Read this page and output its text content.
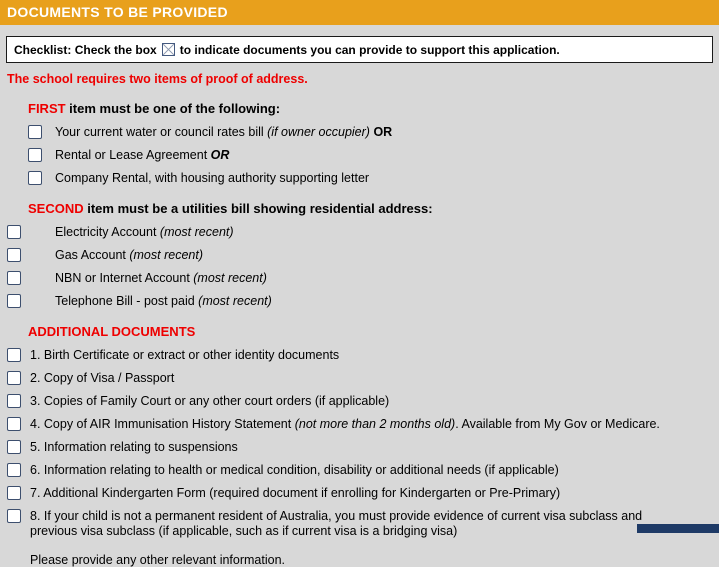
DOCUMENTS TO BE PROVIDED
Checklist: Check the box to indicate documents you can provide to support this application.
The school requires two items of proof of address.
FIRST item must be one of the following:
Your current water or council rates bill (if owner occupier) OR
Rental or Lease Agreement OR
Company Rental, with housing authority supporting letter
SECOND item must be a utilities bill showing residential address:
Electricity Account (most recent)
Gas Account (most recent)
NBN or Internet Account (most recent)
Telephone Bill - post paid (most recent)
ADDITIONAL DOCUMENTS
1. Birth Certificate or extract or other identity documents
2. Copy of Visa / Passport
3. Copies of Family Court or any other court orders (if applicable)
4. Copy of AIR Immunisation History Statement (not more than 2 months old). Available from My Gov or Medicare.
5. Information relating to suspensions
6. Information relating to health or medical condition, disability or additional needs (if applicable)
7. Additional Kindergarten Form (required document if enrolling for Kindergarten or Pre-Primary)
8. If your child is not a permanent resident of Australia, you must provide evidence of current visa subclass and previous visa subclass (if applicable, such as if current visa is a bridging visa)
Please provide any other relevant information.
